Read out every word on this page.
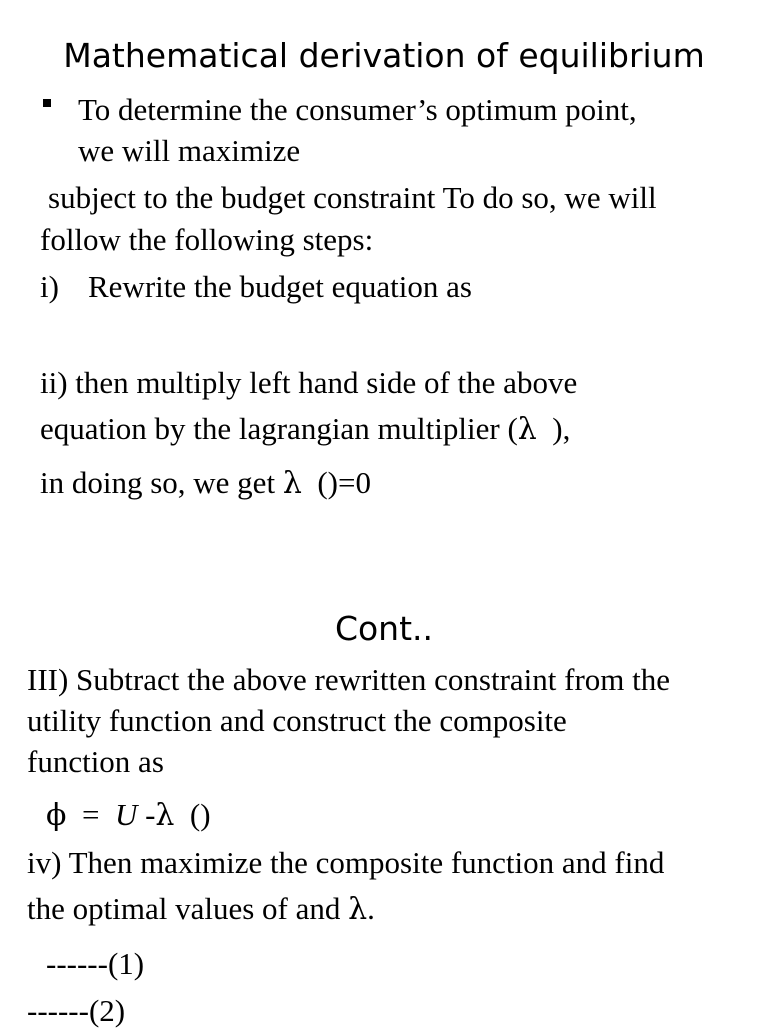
Mathematical derivation of equilibrium
To determine the consumer’s optimum point,
we will maximize
subject to the budget constraint To do so, we will
follow the following steps:
i) Rewrite the budget equation as
ii) then multiply left hand side of the above
equation by the lagrangian multiplier (λ ),
in doing so, we get λ ()=0
Cont..
III) Subtract the above rewritten constraint from the
utility function and construct the composite
function as
ϕ = U -λ ()
iv) Then maximize the composite function and find
the optimal values of and λ.
------(1)
------(2)
